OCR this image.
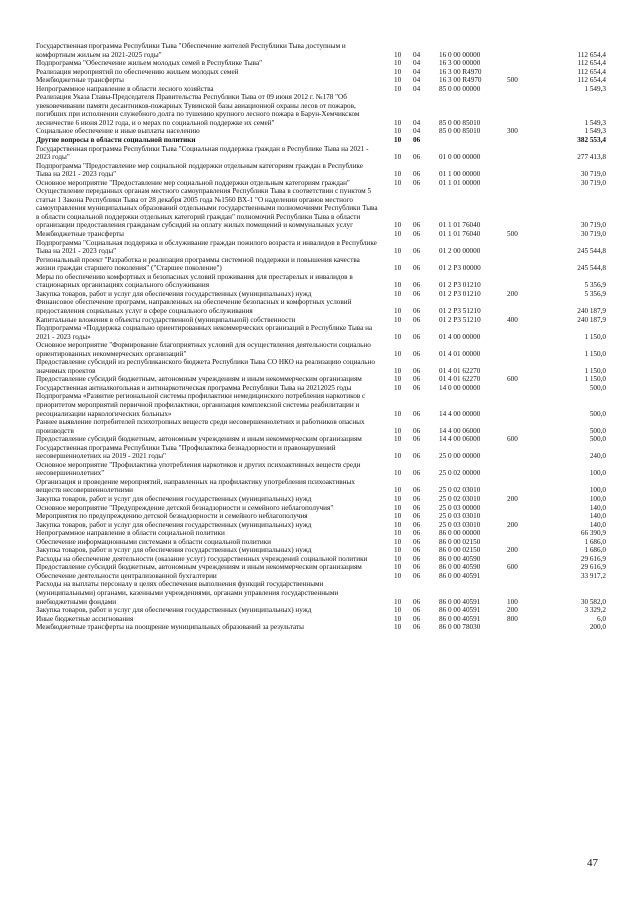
Государственная программа Республики Тыва "Обеспечение жителей Республики Тыва доступным и комфортным жильем на 2021-2025 годы"	10 04	16 0 00 00000	112 654,4
Подпрограмма "Обеспечение жильем молодых семей в Республике Тыва"	10 04	16 3 00 00000	112 654,4
Реализация мероприятий по обеспечению жильем молодых семей	10 04	16 3 00 R4970	112 654,4
Межбюджетные трансферты	10 04	16 3 00 R4970	500	112 654,4
Непрограммное направление в области лесного хозяйства	10 04	85 0 00 00000	1 549,3
Реализация Указа Главы-Председателя Правительства Республики Тыва от 09 июня 2012 г. №178 "Об увековечивании памяти десантников-пожарных Тувинской базы авиационной охраны лесов от пожаров, погибших при исполнении служебного долга по тушению крупного лесного пожара в Барун-Хемчикском лесничестве 6 июня 2012 года, и о мерах по социальной поддержке их семей"	10 04	85 0 00 85010	1 549,3
Социальное обеспечение и иные выплаты населению	10 04	85 0 00 85010	300	1 549,3
Другие вопросы в области социальной политики	10 06	382 553,4
Государственная программа Республики Тыва "Социальная поддержка граждан в Республике Тыва на 2021 - 2023 годы"	10 06	01 0 00 00000	277 413,8
Подпрограмма "Предоставление мер социальной поддержки отдельным категориям граждан в Республике Тыва на 2021 - 2023 годы"	10 06	01 1 00 00000	30 719,0
Основное мероприятие "Предоставление мер социальной поддержки отдельным категориям граждан"	10 06	01 1 01 00000	30 719,0
Осуществление переданных органам местного самоуправления Республики Тыва в соответствии с пунктом 5 статьи 1 Закона Республики Тыва от 28 декабря 2005 года №1560 ВХ-1 "О наделении органов местного самоуправления муниципальных образований отдельными государственными полномочиями Республики Тыва в области социальной поддержки отдельных категорий граждан" полномочий Республики Тыва в области организации предоставления гражданам субсидий на оплату жилых помещений и коммунальных услуг	10 06	01 1 01 76040	30 719,0
Межбюджетные трансферты	10 06	01 1 01 76040	500	30 719,0
Подпрограмма "Социальная поддержка и обслуживание граждан пожилого возраста и инвалидов в Республике Тыва на 2021 - 2023 годы"	10 06	01 2 00 00000	245 544,8
Региональный проект "Разработка и реализация программы системной поддержки и повышения качества жизни граждан старшего поколения" ("Старшее поколение")	10 06	01 2 P3 00000	245 544,8
Меры по обеспечению комфортных и безопасных условий проживания для престарелых и инвалидов в стационарных организациях социального обслуживания	10 06	01 2 P3 01210	5 356,9
Закупка товаров, работ и услуг для обеспечения государственных (муниципальных) нужд	10 06	01 2 P3 01210	200	5 356,9
Финансовое обеспечение программ, направленных на обеспечение безопасных и комфортных условий предоставления социальных услуг в сфере социального обслуживания	10 06	01 2 P3 51210	240 187,9
Капитальные вложения в объекты государственной (муниципальной) собственности	10 06	01 2 P3 51210	400	240 187,9
Подпрограмма «Поддержка социально ориентированных некоммерческих организаций в Республике Тыва на 2021 - 2023 годы»	10 06	01 4 00 00000	1 150,0
Основное мероприятие "Формирование благоприятных условий для осуществления деятельности социально ориентированных некоммерческих организаций"	10 06	01 4 01 00000	1 150,0
Предоставление субсидий из республиканского бюджета Республики Тыва СО НКО на реализацию социально значимых проектов	10 06	01 4 01 62270	1 150,0
Предоставление субсидий бюджетным, автономным учреждениям и иным некоммерческим организациям	10 06	01 4 01 62270	600	1 150,0
Государственная антиалкогольная и антинаркотическая программа Республики Тыва на 20212025 годы	10 06	14 0 00 00000	500,0
Подпрограмма «Развитие региональной системы профилактики немедицинского потребления наркотиков с приоритетом мероприятий первичной профилактики, организация комплексной системы реабилитации и ресоциализации наркологических больных»	10 06	14 4 00 00000	500,0
Раннее выявление потребителей психотропных веществ среди несовершеннолетних и работников опасных производств	10 06	14 4 00 06000	500,0
Предоставление субсидий бюджетным, автономным учреждениям и иным некоммерческим организациям	10 06	14 4 00 06000	600	500,0
Государственная программа Республики Тыва "Профилактика безнадзорности и правонарушений несовершеннолетних на 2019 - 2021 годы"	10 06	25 0 00 00000	240,0
Основное мероприятие "Профилактика употребления наркотиков и других психоактивных веществ среди несовершеннолетних"	10 06	25 0 02 00000	100,0
Организация и проведение мероприятий, направленных на профилактику употребления психоактивных веществ несовершеннолетними	10 06	25 0 02 03010	100,0
Закупка товаров, работ и услуг для обеспечения государственных (муниципальных) нужд	10 06	25 0 02 03010	200	100,0
Основное мероприятие "Предупреждение детской безнадзорности и семейного неблагополучия"	10 06	25 0 03 00000	140,0
Мероприятия по предупреждению детской безнадзорности и семейного неблагополучия	10 06	25 0 03 03010	140,0
Закупка товаров, работ и услуг для обеспечения государственных (муниципальных) нужд	10 06	25 0 03 03010	200	140,0
Непрограммное направление в области социальной политики	10 06	86 0 00 00000	66 390,9
Обеспечение информационными системами в области социальной политики	10 06	86 0 00 02150	1 686,0
Закупка товаров, работ и услуг для обеспечения государственных (муниципальных) нужд	10 06	86 0 00 02150	200	1 686,0
Расходы на обеспечение деятельности (оказание услуг) государственных учреждений социальной политики	10 06	86 0 00 40590	29 616,9
Предоставление субсидий бюджетным, автономным учреждениям и иным некоммерческим организациям	10 06	86 0 00 40590	600	29 616,9
Обеспечение деятельности централизованной бухгалтерии	10 06	86 0 00 40591	33 917,2
Расходы на выплаты персоналу в целях обеспечения выполнения функций государственными (муниципальными) органами, казенными учреждениями, органами управления государственными внебюджетными фондами	10 06	86 0 00 40591	100	30 582,0
Закупка товаров, работ и услуг для обеспечения государственных (муниципальных) нужд	10 06	86 0 00 40591	200	3 329,2
Иные бюджетные ассигнования	10 06	86 0 00 40591	800	6,0
Межбюджетные трансферты на поощрение муниципальных образований за результаты	10 06	86 0 00 78030	200,0
47
